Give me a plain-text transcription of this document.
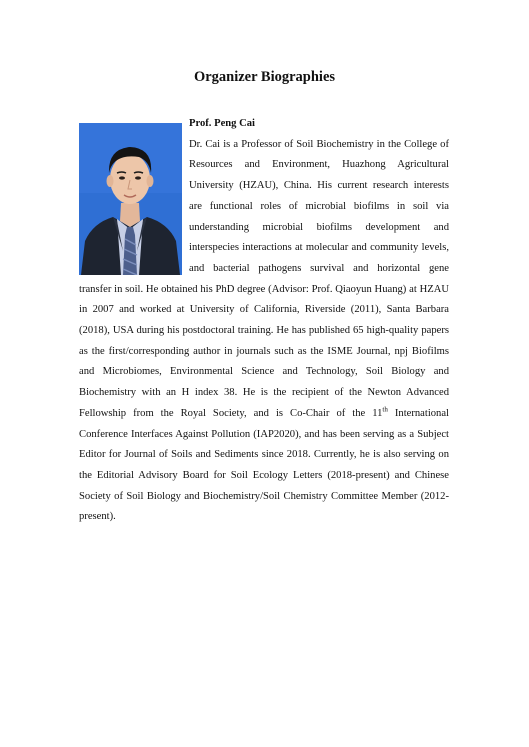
Organizer Biographies
Prof. Peng Cai
Dr. Cai is a Professor of Soil Biochemistry in the College of
Resources and Environment, Huazhong Agricultural
University (HZAU), China. His current research interests
are functional roles of microbial biofilms in soil via
understanding microbial biofilms development and
interspecies interactions at molecular and community levels,
and bacterial pathogens survival and horizontal gene
transfer in soil. He obtained his PhD degree (Advisor: Prof. Qiaoyun Huang) at HZAU in 2007 and worked at University of California, Riverside (2011), Santa Barbara (2018), USA during his postdoctoral training. He has published 65 high-quality papers as the first/corresponding author in journals such as the ISME Journal, npj Biofilms and Microbiomes, Environmental Science and Technology, Soil Biology and Biochemistry with an H index 38. He is the recipient of the Newton Advanced Fellowship from the Royal Society, and is Co-Chair of the 11th International Conference Interfaces Against Pollution (IAP2020), and has been serving as a Subject Editor for Journal of Soils and Sediments since 2018. Currently, he is also serving on the Editorial Advisory Board for Soil Ecology Letters (2018-present) and Chinese Society of Soil Biology and Biochemistry/Soil Chemistry Committee Member (2012-present).
